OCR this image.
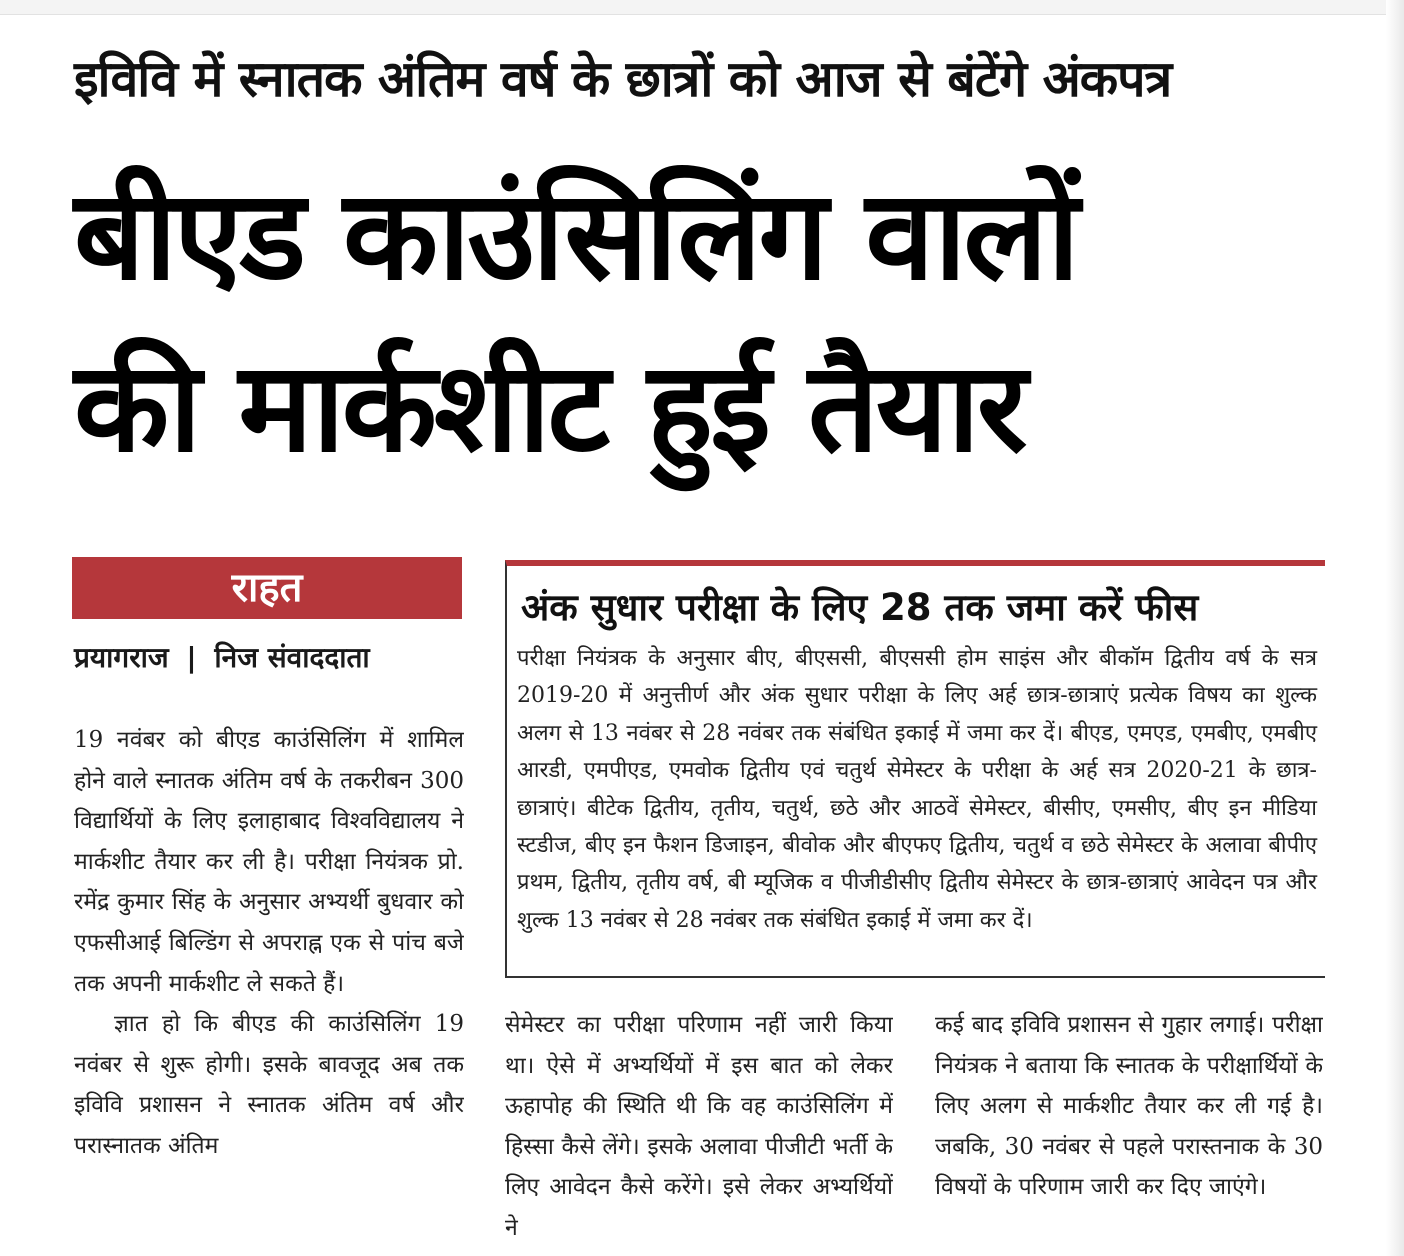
इविवि में स्नातक अंतिम वर्ष के छात्रों को आज से बंटेंगे अंकपत्र
बीएड काउंसिलिंग वालों
की मार्कशीट हुई तैयार
राहत
प्रयागराज | निज संवाददाता

19 नवंबर को बीएड काउंसिलिंग में शामिल होने वाले स्नातक अंतिम वर्ष के तकरीबन 300 विद्यार्थियों के लिए इलाहाबाद विश्वविद्यालय ने मार्कशीट तैयार कर ली है। परीक्षा नियंत्रक प्रो. रमेंद्र कुमार सिंह के अनुसार अभ्यर्थी बुधवार को एफसीआई बिल्डिंग से अपराह्न एक से पांच बजे तक अपनी मार्कशीट ले सकते हैं।

ज्ञात हो कि बीएड की काउंसिलिंग 19 नवंबर से शुरू होगी। इसके बावजूद अब तक इविवि प्रशासन ने स्नातक अंतिम वर्ष और परास्नातक अंतिम

अंक सुधार परीक्षा के लिए 28 तक जमा करें फीस

परीक्षा नियंत्रक के अनुसार बीए, बीएससी, बीएससी होम साइंस और बीकॉम द्वितीय वर्ष के सत्र 2019-20 में अनुत्तीर्ण और अंक सुधार परीक्षा के लिए अर्ह छात्र-छात्राएं प्रत्येक विषय का शुल्क अलग से 13 नवंबर से 28 नवंबर तक संबंधित इकाई में जमा कर दें। बीएड, एमएड, एमबीए, एमबीए आरडी, एमपीएड, एमवोक द्वितीय एवं चतुर्थ सेमेस्टर के परीक्षा के अर्ह सत्र 2020-21 के छात्र-छात्राएं। बीटेक द्वितीय, तृतीय, चतुर्थ, छठे और आठवें सेमेस्टर, बीसीए, एमसीए, बीए इन मीडिया स्टडीज, बीए इन फैशन डिजाइन, बीवोक और बीएफए द्वितीय, चतुर्थ व छठे सेमेस्टर के अलावा बीपीए प्रथम, द्वितीय, तृतीय वर्ष, बी म्यूजिक व पीजीडीसीए द्वितीय सेमेस्टर के छात्र-छात्राएं आवेदन पत्र और शुल्क 13 नवंबर से 28 नवंबर तक संबंधित इकाई में जमा कर दें।

सेमेस्टर का परीक्षा परिणाम नहीं जारी किया था। ऐसे में अभ्यर्थियों में इस बात को लेकर ऊहापोह की स्थिति थी कि वह काउंसिलिंग में हिस्सा कैसे लेंगे। इसके अलावा पीजीटी भर्ती के लिए आवेदन कैसे करेंगे। इसे लेकर अभ्यर्थियों ने

कई बाद इविवि प्रशासन से गुहार लगाई। परीक्षा नियंत्रक ने बताया कि स्नातक के परीक्षार्थियों के लिए अलग से मार्कशीट तैयार कर ली गई है। जबकि, 30 नवंबर से पहले परास्तनाक के 30 विषयों के परिणाम जारी कर दिए जाएंगे।
